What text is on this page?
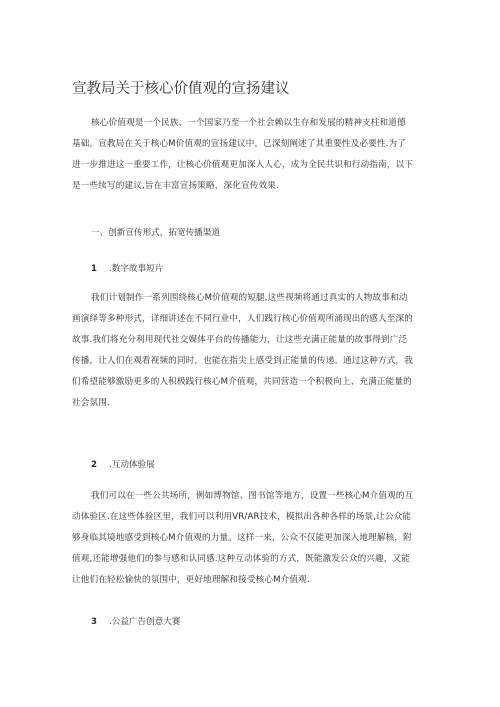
宣教局关于核心价值观的宣扬建议
核心价值观是一个民族、一个国家乃至一个社会赖以生存和发展的精神支柱和道德
基础。宣教局在关于核心M价值观的宣扬建议中，已深刻阐述了其重要性及必要性.为了
进一步推进这一重要工作，让核心价值观更加深入人心，成为全民共识和行动指南，以下
是一些续写的建议,旨在丰富宣扬策略，深化宣传效果.
一、创新宣传形式，拓宽传播渠道
1 .数字故事短片
我们计划制作一系列围绕核心M价值观的短腿,这些视频将通过真实的人物故事和动
画演绎等多种形式，详细讲述在不同行业中，人们践行核心价值观所涌现出的感人至深的
故事.我们将充分利用现代社交媒体平台的传播能力，让这些充满正能量的故事得到广泛
传播，让人们在观看视频的同时，也能在指尖上感受到正能量的传递。通过这种方式，我
们希望能够激励更多的人积极践行核心M介值观，共同营造一个积极向上、充满正能量的
社会氛围.
2 .互动体验展
我们可以在一些公共场所，例如博物馆、图书馆等地方，设置一些核心M介值观的互
动体验区.在这些体验区里，我们可以利用VR/AR技术，模拟出各种各样的场景,让公众能
够身临其境地感受到核心M介值观的力量。这样一来，公众不仅能更加深入地理解核，附
值观,还能增强他们的参与感和认同感.这种互动体验的方式，既能激发公众的兴趣，又能
让他们在轻松愉快的氛围中，更好地理解和接受核心M介值观.
3 .公益广告创意大赛
